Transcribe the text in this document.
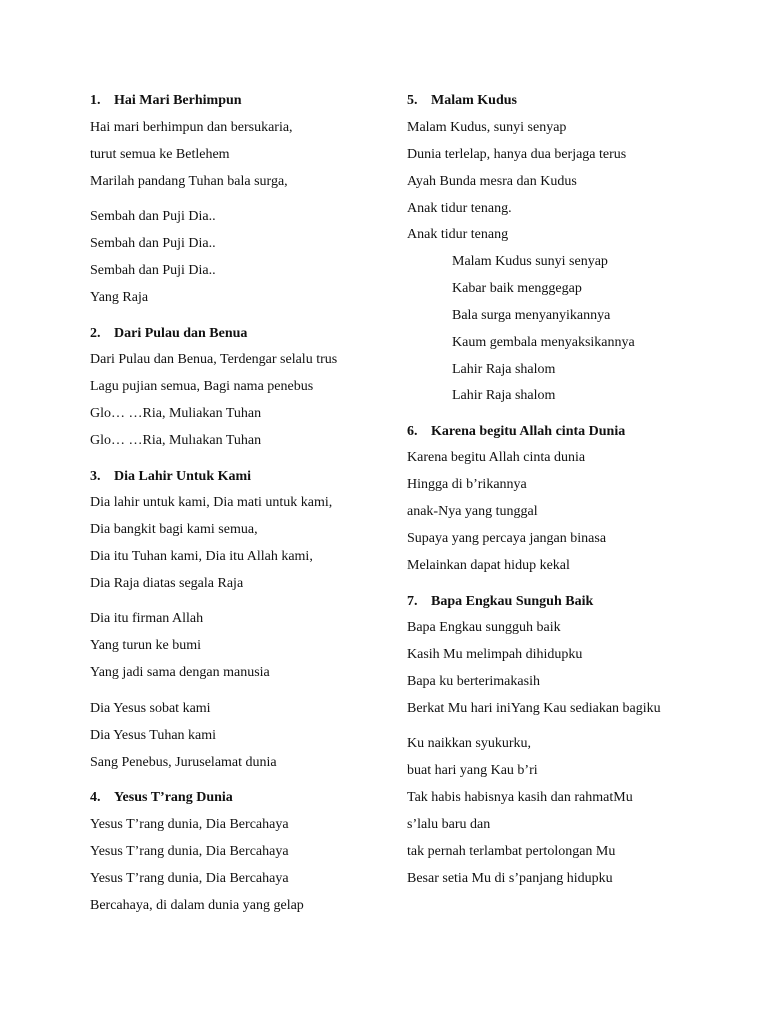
1. Hai Mari Berhimpun
Hai mari berhimpun dan bersukaria,
turut semua ke Betlehem
Marilah pandang Tuhan bala surga,
Sembah dan Puji Dia..
Sembah dan Puji Dia..
Sembah dan Puji Dia..
Yang Raja
2. Dari Pulau dan Benua
Dari Pulau dan Benua, Terdengar selalu trus
Lagu pujian semua, Bagi nama penebus
Glo… …Ria, Muliakan Tuhan
Glo… …Ria, Mulıakan Tuhan
3. Dia Lahir Untuk Kami
Dia lahir untuk kami, Dia mati untuk kami,
Dia bangkit bagi kami semua,
Dia itu Tuhan kami, Dia itu Allah kami,
Dia Raja diatas segala Raja
Dia itu firman Allah
Yang turun ke bumi
Yang jadi sama dengan manusia
Dia Yesus sobat kami
Dia Yesus Tuhan kami
Sang Penebus, Juruselamat dunia
4. Yesus T’rang Dunia
Yesus T’rang dunia, Dia Bercahaya
Yesus T’rang dunia, Dia Bercahaya
Yesus T’rang dunia, Dia Bercahaya
Bercahaya, di dalam dunia yang gelap
5. Malam Kudus
Malam Kudus, sunyi senyap
Dunia terlelap, hanya dua berjaga terus
Ayah Bunda mesra dan Kudus
Anak tidur tenang.
Anak tidur tenang
Malam Kudus sunyi senyap
Kabar baik menggegap
Bala surga menyanyikannya
Kaum gembala menyaksikannya
Lahir Raja shalom
Lahir Raja shalom
6. Karena begitu Allah cinta Dunia
Karena begitu Allah cinta dunia
Hingga di b’rikannya
anak-Nya yang tunggal
Supaya yang percaya jangan binasa
Melainkan dapat hidup kekal
7. Bapa Engkau Sunguh Baik
Bapa Engkau sungguh baik
Kasih Mu melimpah dihidupku
Bapa ku berterimakasih
Berkat Mu hari iniYang Kau sediakan bagiku
Ku naikkan syukurku,
buat hari yang Kau b’ri
Tak habis habisnya kasih dan rahmatMu
s’lalu baru dan
tak pernah terlambat pertolongan Mu
Besar setia Mu di s’panjang hidupku
